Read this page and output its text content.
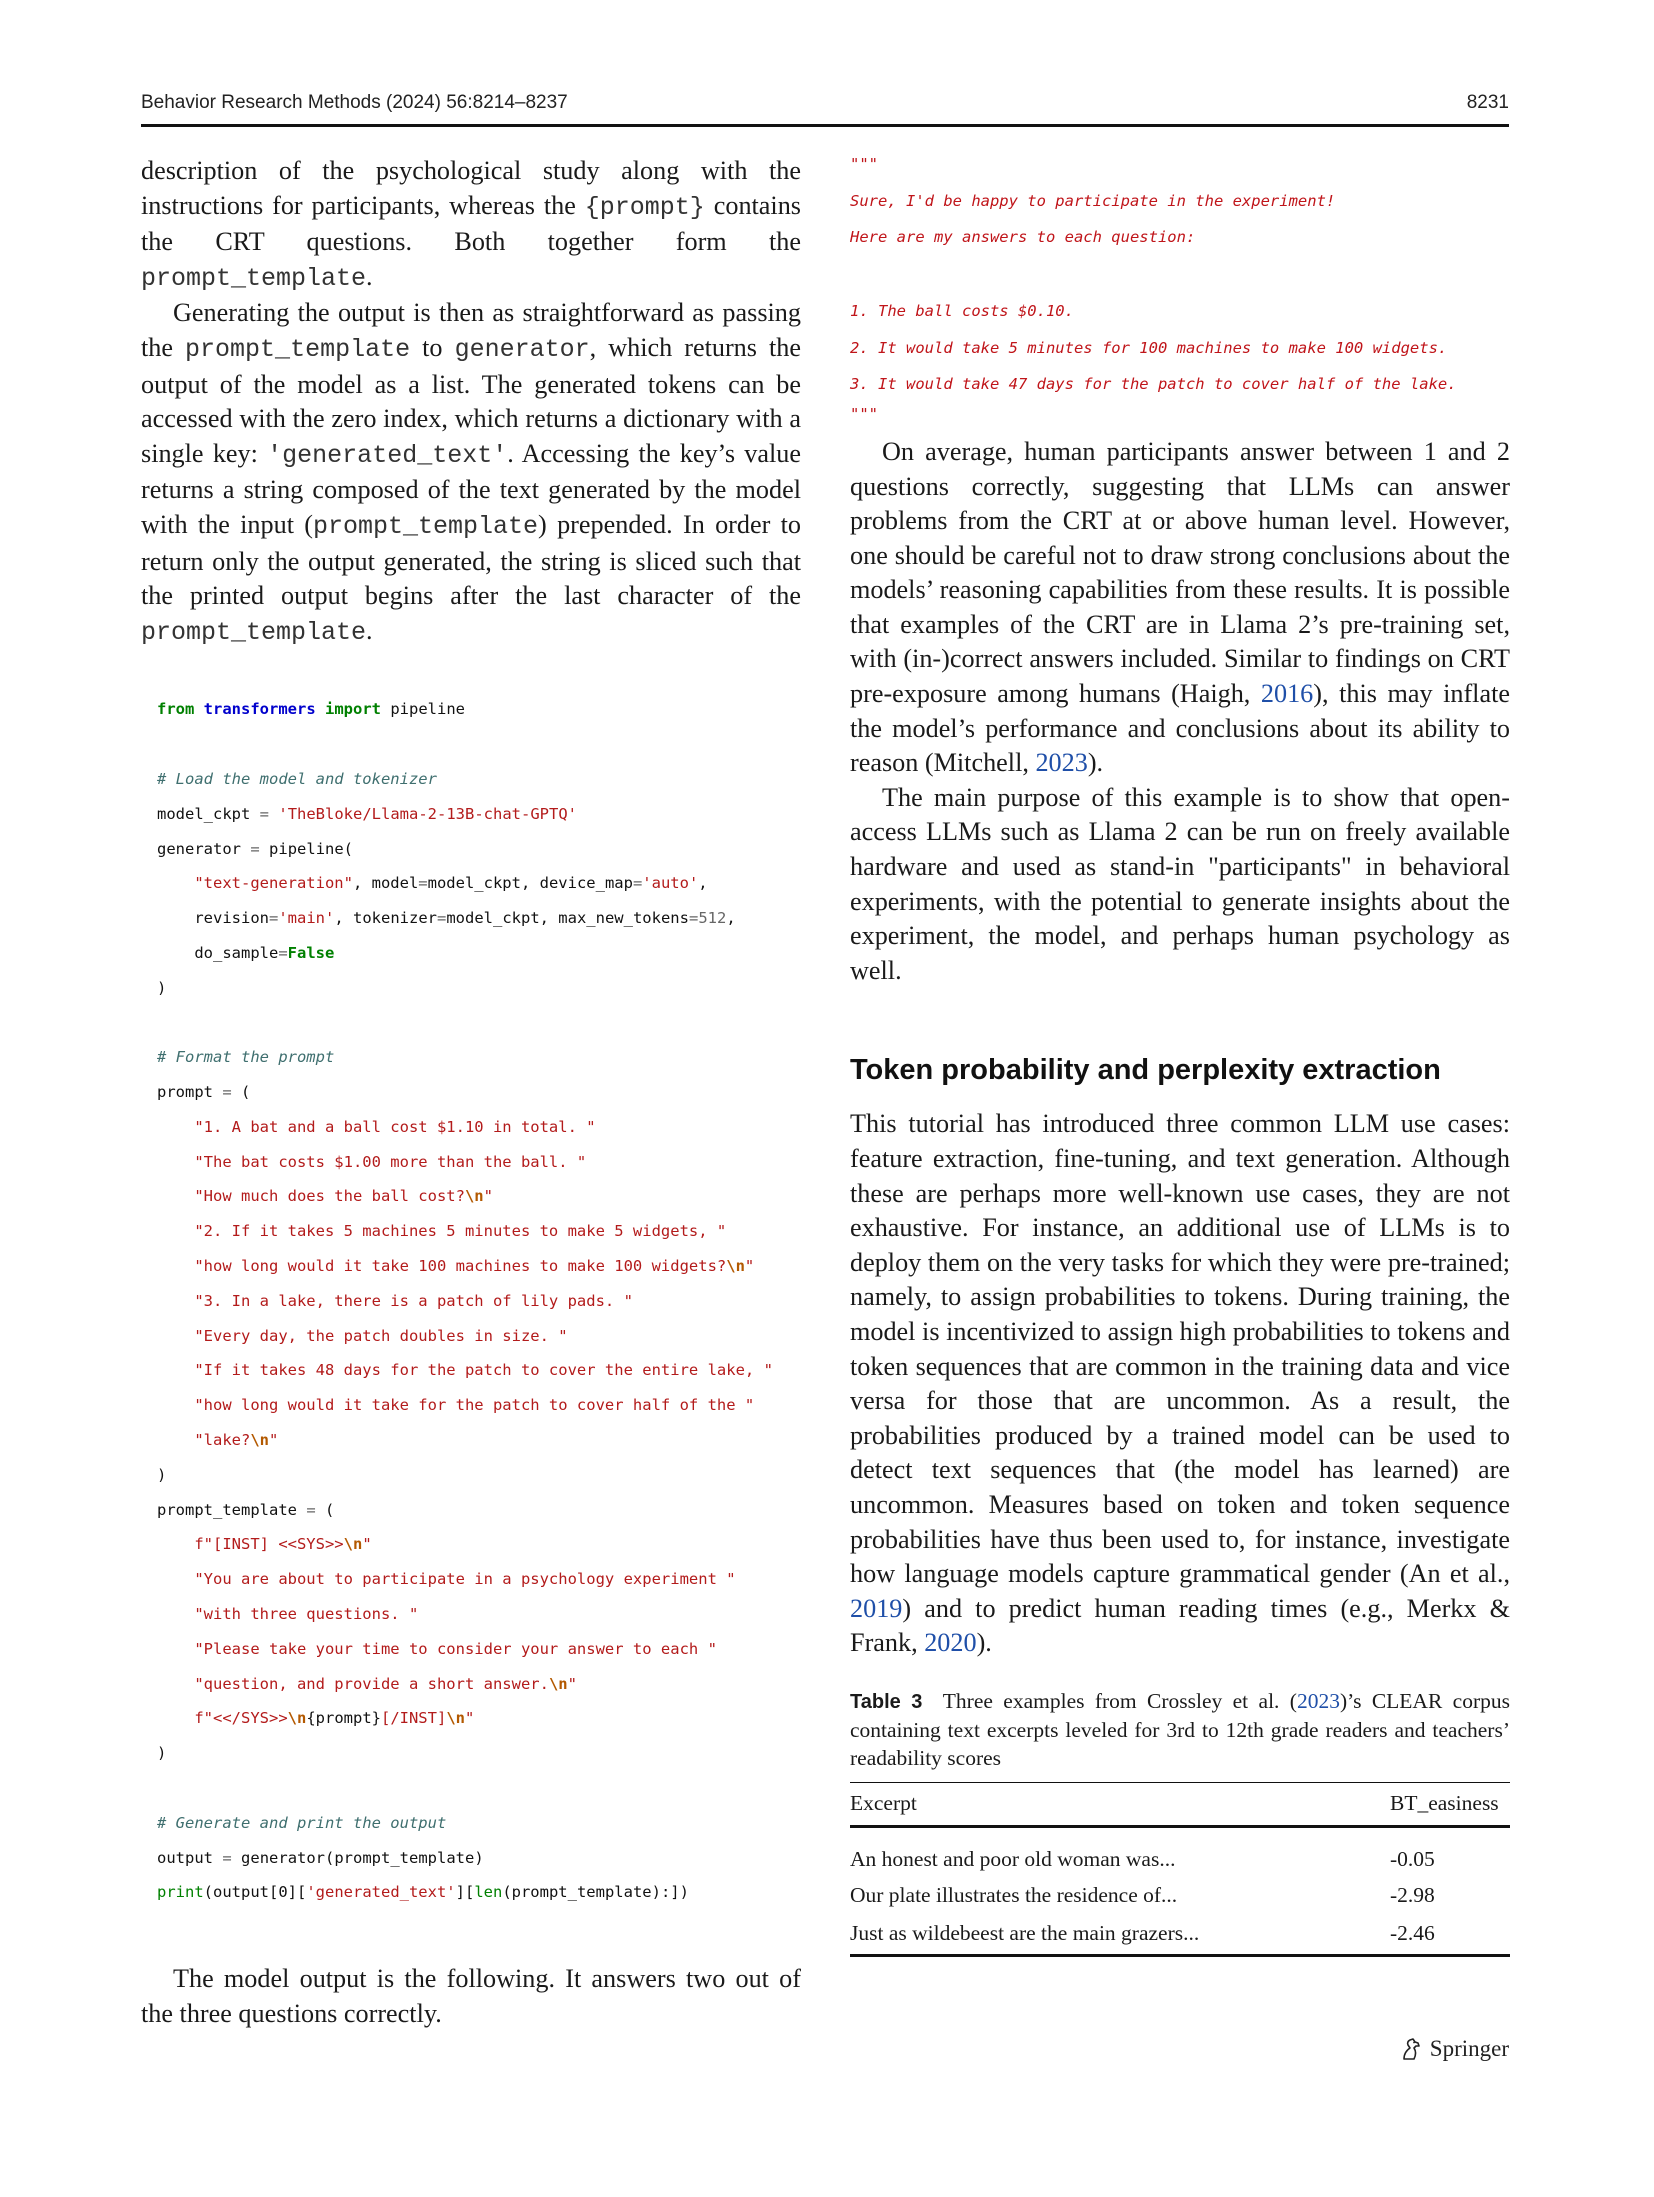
Behavior Research Methods (2024) 56:8214–8237	8231

description of the psychological study along with the instructions for participants, whereas the {prompt} contains the CRT questions. Both together form the prompt_template.

Generating the output is then as straightforward as passing the prompt_template to generator, which returns the output of the model as a list. The generated tokens can be accessed with the zero index, which returns a dictionary with a single key: 'generated_text'. Accessing the key’s value returns a string composed of the text generated by the model with the input (prompt_template) prepended. In order to return only the output generated, the string is sliced such that the printed output begins after the last character of the prompt_template.

from transformers import pipeline

# Load the model and tokenizer
model_ckpt = 'TheBloke/Llama-2-13B-chat-GPTQ'
generator = pipeline(
"text-generation", model=model_ckpt, device_map='auto',
revision='main', tokenizer=model_ckpt, max_new_tokens=512,
do_sample=False
)

# Format the prompt
prompt = (
"1. A bat and a ball cost $1.10 in total. "
"The bat costs $1.00 more than the ball. "
"How much does the ball cost?\n"
"2. If it takes 5 machines 5 minutes to make 5 widgets, "
"how long would it take 100 machines to make 100 widgets?\n"
"3. In a lake, there is a patch of lily pads. "
"Every day, the patch doubles in size. "
"If it takes 48 days for the patch to cover the entire lake, "
"how long would it take for the patch to cover half of the "
"lake?\n"
)
prompt_template = (
f"[INST] <<SYS>>\n"
"You are about to participate in a psychology experiment "
"with three questions. "
"Please take your time to consider your answer to each "
"question, and provide a short answer.\n"
f"<</SYS>>\n{prompt}[/INST]\n"
)

# Generate and print the output
output = generator(prompt_template)
print(output[0]['generated_text'][len(prompt_template):])

The model output is the following. It answers two out of the three questions correctly.

"""
Sure, I'd be happy to participate in the experiment!
Here are my answers to each question:

1. The ball costs $0.10.
2. It would take 5 minutes for 100 machines to make 100 widgets.
3. It would take 47 days for the patch to cover half of the lake.
"""

On average, human participants answer between 1 and 2 questions correctly, suggesting that LLMs can answer problems from the CRT at or above human level. However, one should be careful not to draw strong conclusions about the models’ reasoning capabilities from these results. It is possible that examples of the CRT are in Llama 2’s pre-training set, with (in-)correct answers included. Similar to findings on CRT pre-exposure among humans (Haigh, 2016), this may inflate the model’s performance and conclusions about its ability to reason (Mitchell, 2023).

The main purpose of this example is to show that open-access LLMs such as Llama 2 can be run on freely available hardware and used as stand-in "participants" in behavioral experiments, with the potential to generate insights about the experiment, the model, and perhaps human psychology as well.

Token probability and perplexity extraction

This tutorial has introduced three common LLM use cases: feature extraction, fine-tuning, and text generation. Although these are perhaps more well-known use cases, they are not exhaustive. For instance, an additional use of LLMs is to deploy them on the very tasks for which they were pre-trained; namely, to assign probabilities to tokens. During training, the model is incentivized to assign high probabilities to tokens and token sequences that are common in the training data and vice versa for those that are uncommon. As a result, the probabilities produced by a trained model can be used to detect text sequences that (the model has learned) are uncommon. Measures based on token and token sequence probabilities have thus been used to, for instance, investigate how language models capture grammatical gender (An et al., 2019) and to predict human reading times (e.g., Merkx & Frank, 2020).

Table 3 Three examples from Crossley et al. (2023)’s CLEAR corpus containing text excerpts leveled for 3rd to 12th grade readers and teachers’ readability scores

Excerpt	BT_easiness

An honest and poor old woman was...	-0.05
Our plate illustrates the residence of...	-2.98
Just as wildebeest are the main grazers...	-2.46
Springer
